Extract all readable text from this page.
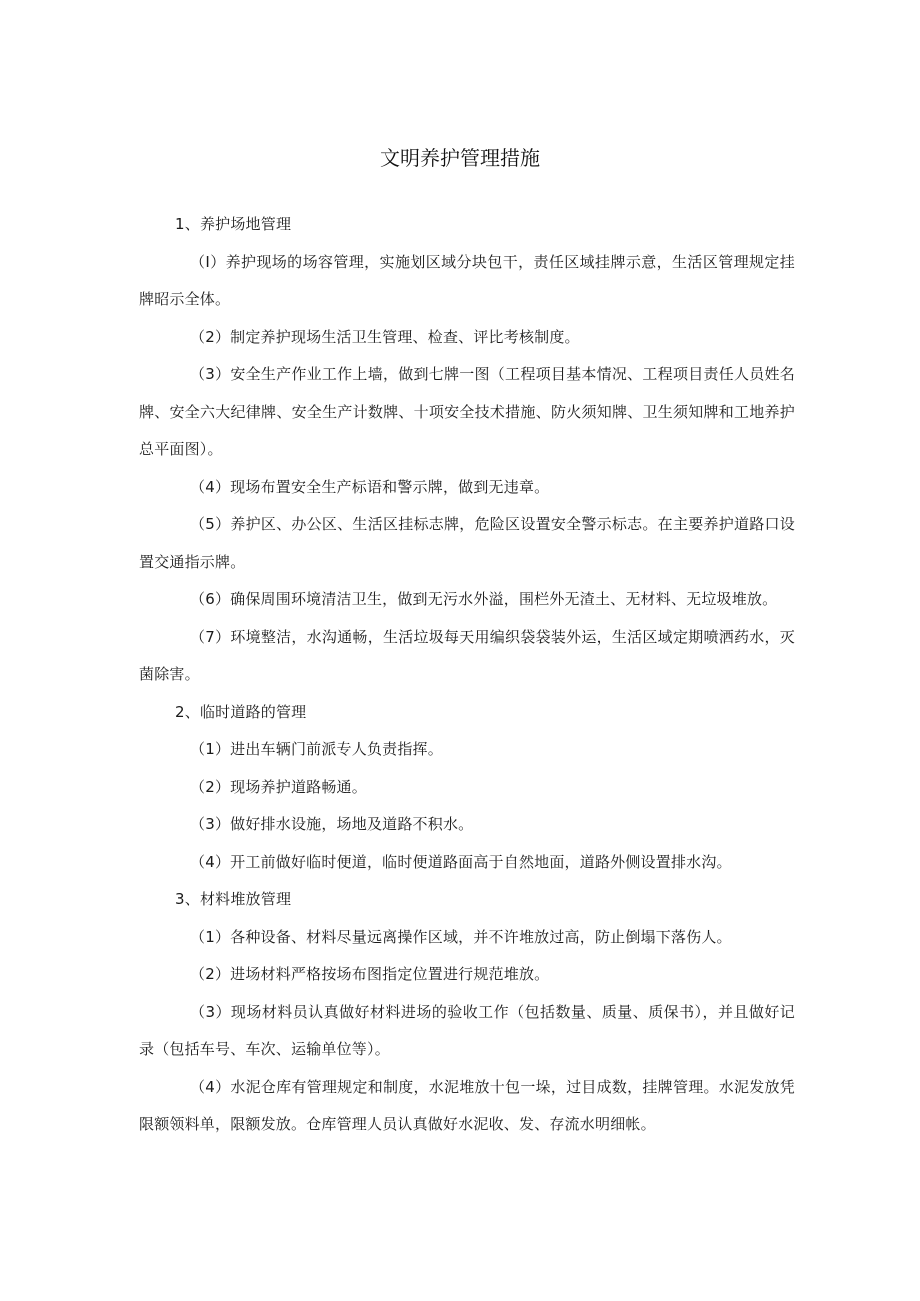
文明养护管理措施

1、养护场地管理

（I）养护现场的场容管理，实施划区域分块包干，责任区域挂牌示意，生活区管理规定挂牌昭示全体。

（2）制定养护现场生活卫生管理、检查、评比考核制度。

（3）安全生产作业工作上墙，做到七牌一图（工程项目基本情况、工程项目责任人员姓名牌、安全六大纪律牌、安全生产计数牌、十项安全技术措施、防火须知牌、卫生须知牌和工地养护总平面图）。

（4）现场布置安全生产标语和警示牌，做到无违章。

（5）养护区、办公区、生活区挂标志牌，危险区设置安全警示标志。在主要养护道路口设置交通指示牌。

（6）确保周围环境清洁卫生，做到无污水外溢，围栏外无渣土、无材料、无垃圾堆放。

（7）环境整洁，水沟通畅，生活垃圾每天用编织袋袋装外运，生活区域定期喷洒药水，灭菌除害。

2、临时道路的管理

（1）进出车辆门前派专人负责指挥。

（2）现场养护道路畅通。

（3）做好排水设施，场地及道路不积水。

（4）开工前做好临时便道，临时便道路面高于自然地面，道路外侧设置排水沟。

3、材料堆放管理

（1）各种设备、材料尽量远离操作区域，并不许堆放过高，防止倒塌下落伤人。

（2）进场材料严格按场布图指定位置进行规范堆放。

（3）现场材料员认真做好材料进场的验收工作（包括数量、质量、质保书），并且做好记录（包括车号、车次、运输单位等）。

（4）水泥仓库有管理规定和制度，水泥堆放十包一垛，过目成数，挂牌管理。水泥发放凭限额领料单，限额发放。仓库管理人员认真做好水泥收、发、存流水明细帐。
